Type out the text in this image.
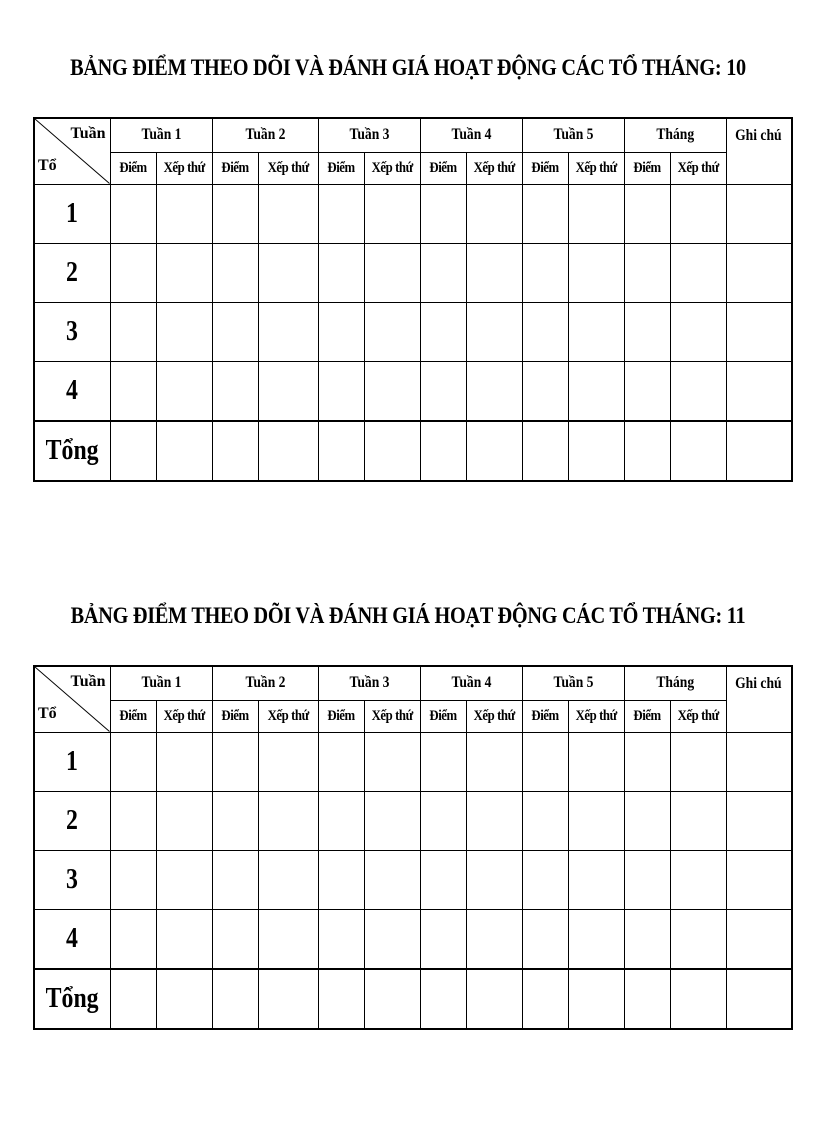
BẢNG ĐIỂM THEO DÕI VÀ ĐÁNH GIÁ HOẠT ĐỘNG CÁC TỔ THÁNG: 10
Tuần
Tổ	Tuần 1		Tuần 2		Tuần 3		Tuần 4		Tuần 5		Tháng		Ghi chú
	Điểm	Xếp thứ	Điểm	Xếp thứ	Điểm	Xếp thứ	Điểm	Xếp thứ	Điểm	Xếp thứ	Điểm	Xếp thứ	
1													
2													
3													
4													
Tổng													
BẢNG ĐIỂM THEO DÕI VÀ ĐÁNH GIÁ HOẠT ĐỘNG CÁC TỔ THÁNG: 11
Tuần
Tổ	Tuần 1		Tuần 2		Tuần 3		Tuần 4		Tuần 5		Tháng		Ghi chú
	Điểm	Xếp thứ	Điểm	Xếp thứ	Điểm	Xếp thứ	Điểm	Xếp thứ	Điểm	Xếp thứ	Điểm	Xếp thứ	
1													
2													
3													
4													
Tổng													
